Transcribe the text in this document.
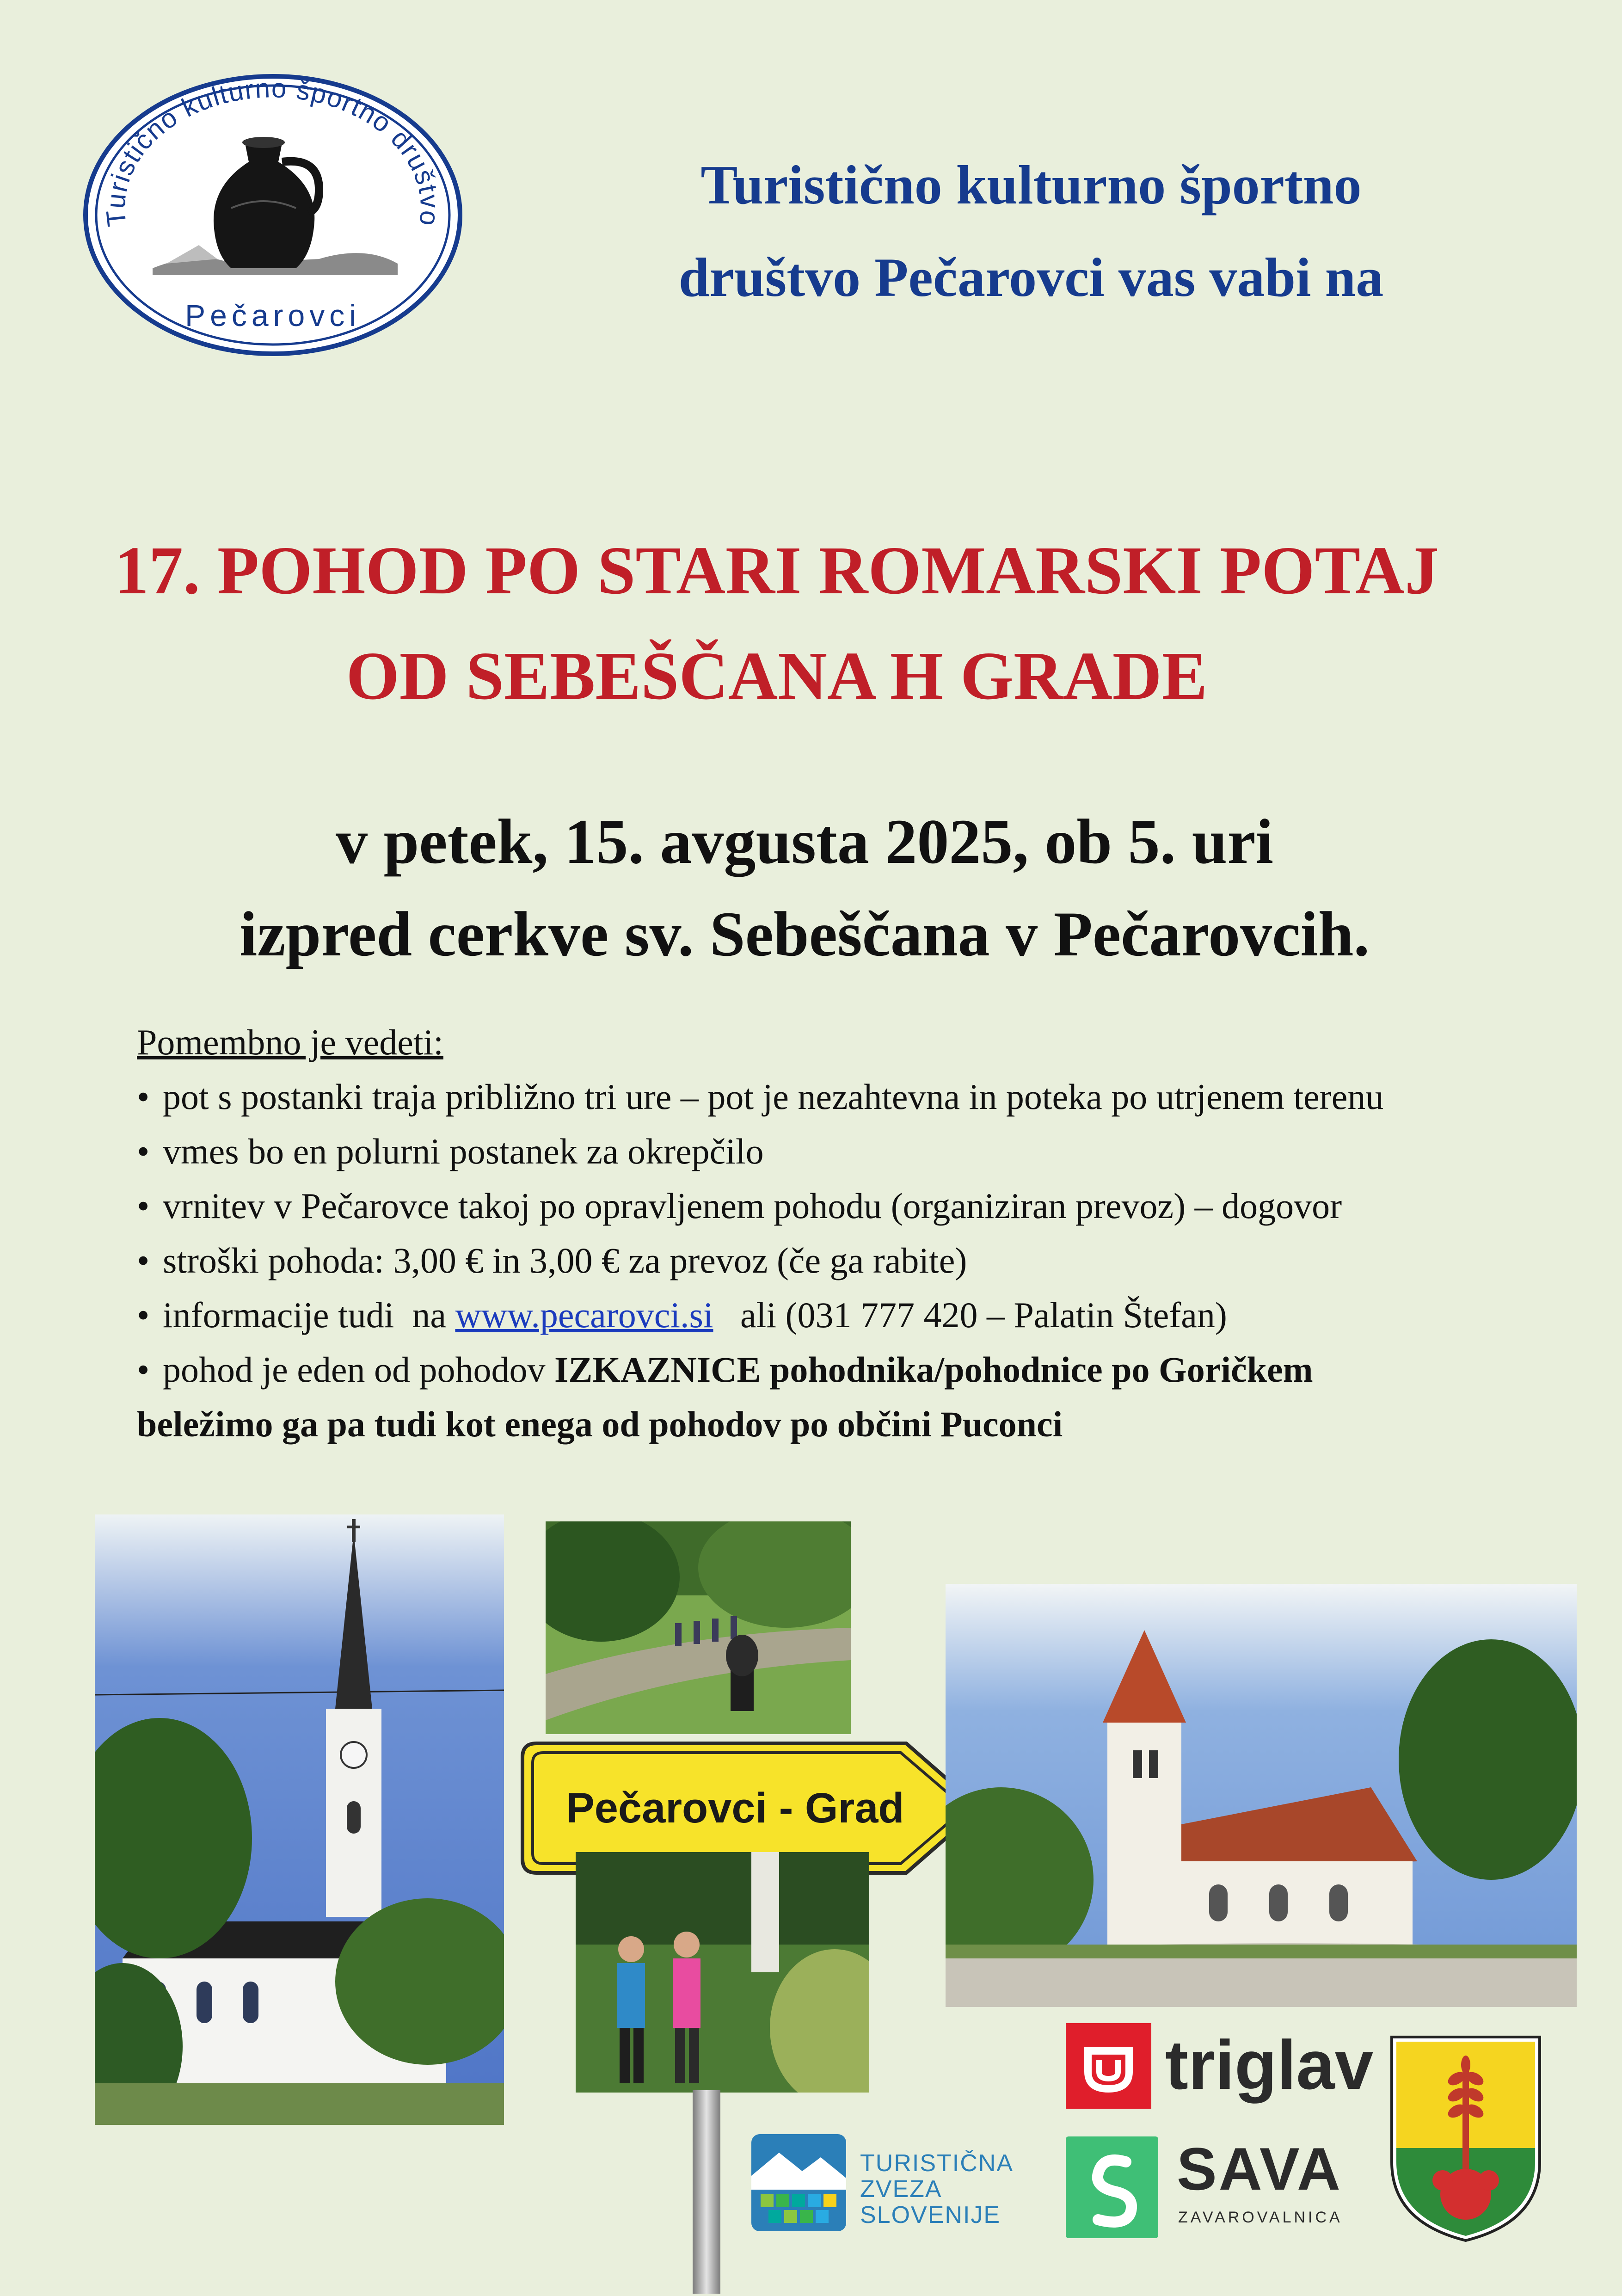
Turistično kulturno športno društvo
Pečarovci
Turistično kulturno športno
društvo Pečarovci vas vabi na
17. POHOD PO STARI ROMARSKI POTAJ
OD SEBEŠČANA H GRADE
v petek, 15. avgusta 2025, ob 5. uri
izpred cerkve sv. Sebeščana v Pečarovcih.
Pomembno je vedeti:
• pot s postanki traja približno tri ure – pot je nezahtevna in poteka po utrjenem terenu
• vmes bo en polurni postanek za okrepčilo
• vrnitev v Pečarovce takoj po opravljenem pohodu (organiziran prevoz) – dogovor
• stroški pohoda: 3,00 € in 3,00 € za prevoz (če ga rabite)
• informacije tudi  na www.pecarovci.si   ali (031 777 420 – Palatin Štefan)
• pohod je eden od pohodov IZKAZNICE pohodnika/pohodnice po Goričkem
beležimo ga pa tudi kot enega od pohodov po občini Puconci
Pečarovci - Grad
triglav
SAVA
ZAVAROVALNICA
TURISTIČNA
ZVEZA
SLOVENIJE
